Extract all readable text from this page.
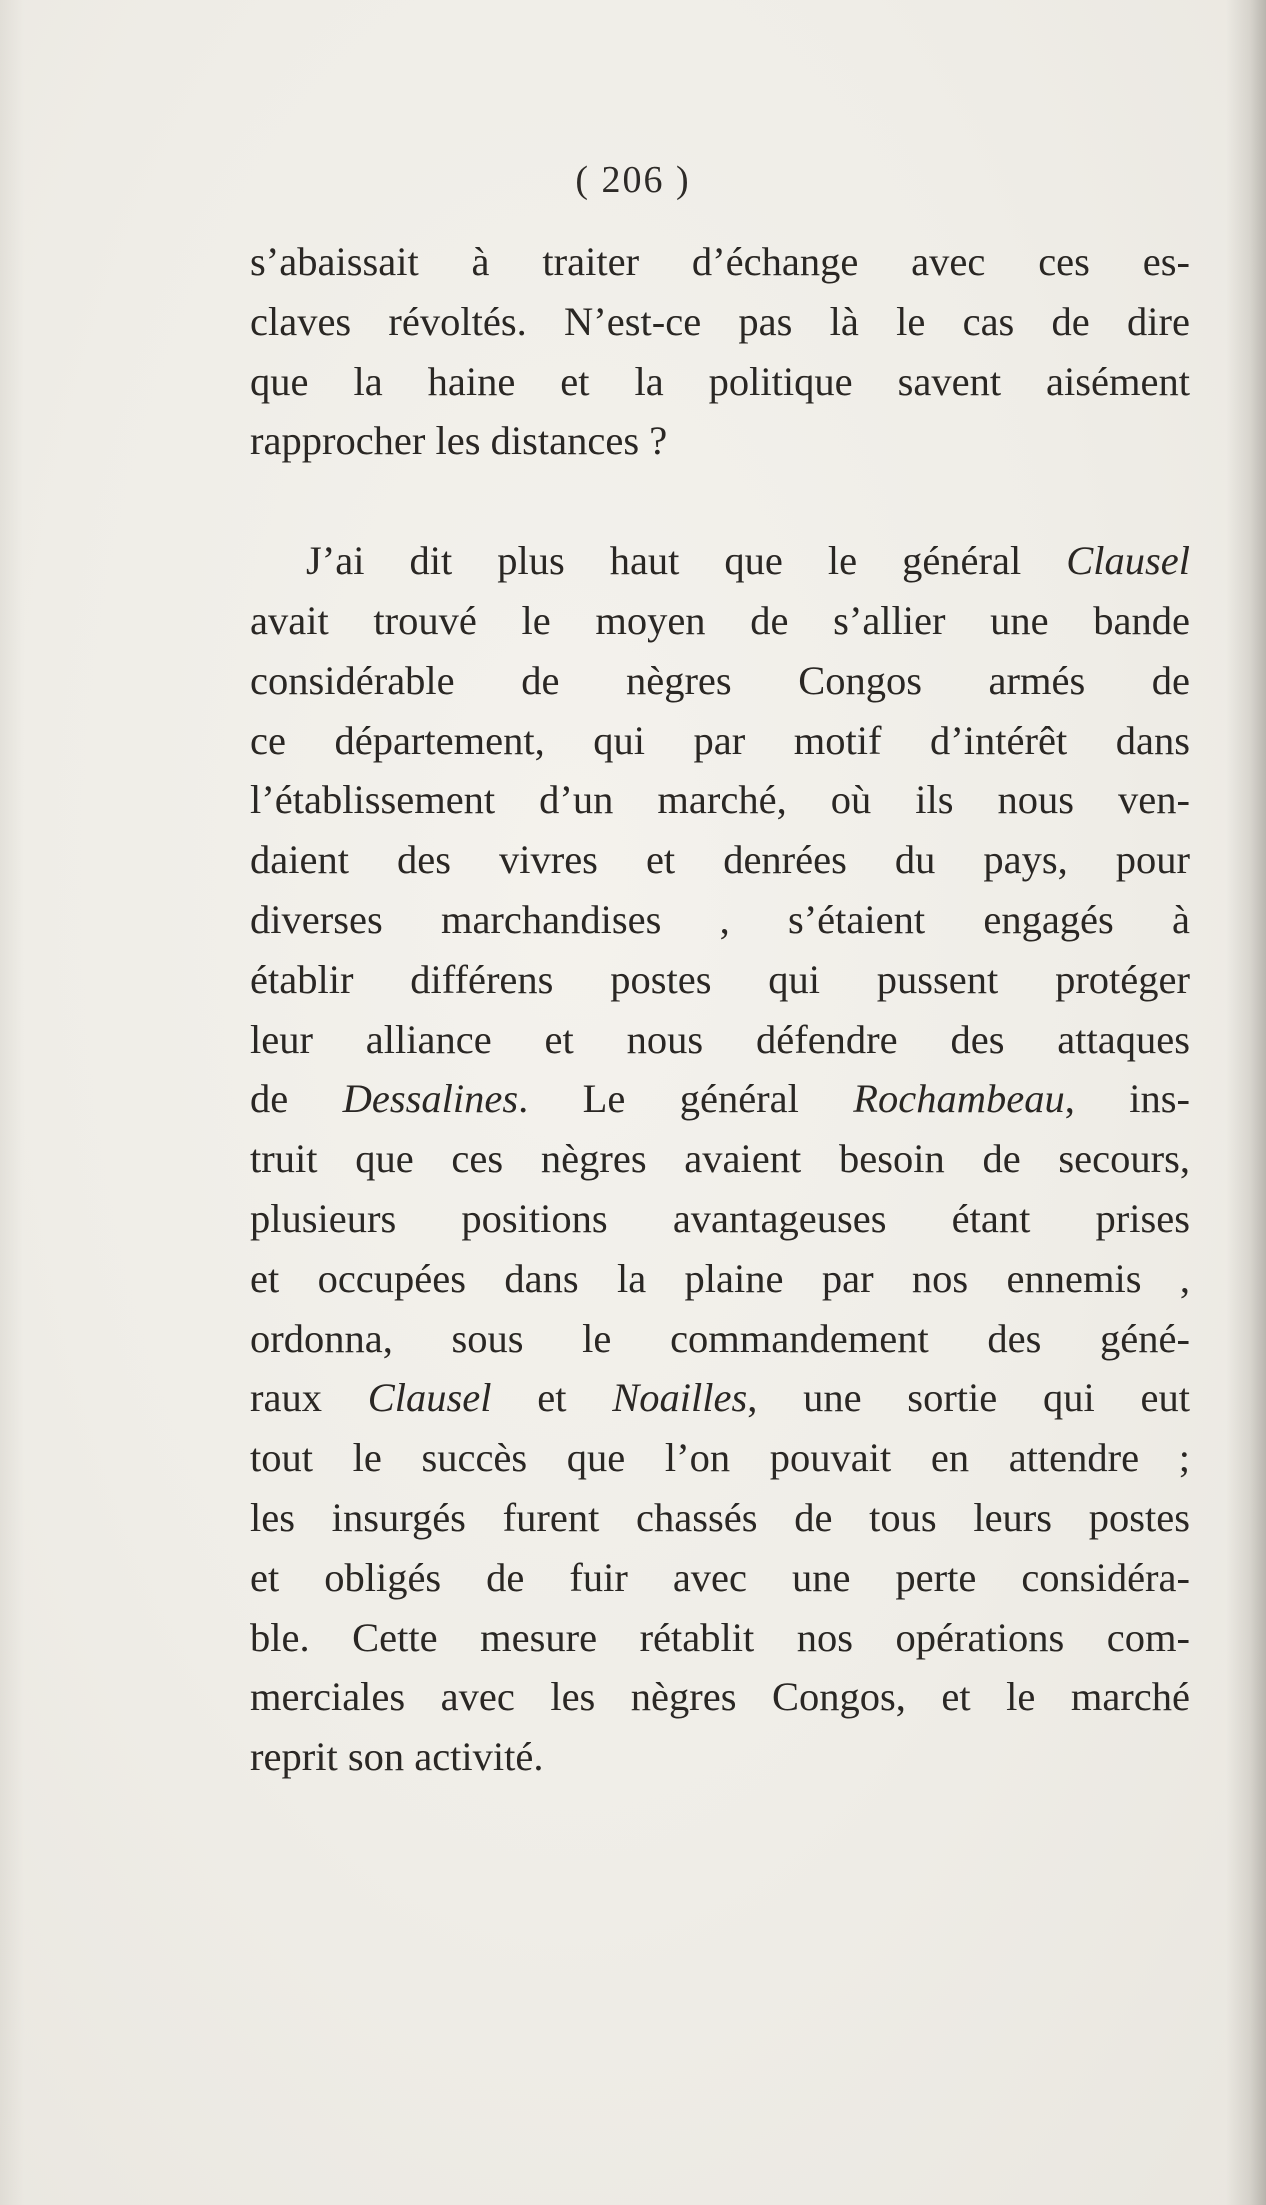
( 206 )

s’abaissait à traiter d’échange avec ces es-
claves révoltés. N’est-ce pas là le cas de dire
que la haine et la politique savent aisément
rapprocher les distances ?

J’ai dit plus haut que le général Clausel
avait trouvé le moyen de s’allier une bande
considérable de nègres Congos armés de
ce département, qui par motif d’intérêt dans
l’établissement d’un marché, où ils nous ven-
daient des vivres et denrées du pays, pour
diverses marchandises , s’étaient engagés à
établir différens postes qui pussent protéger
leur alliance et nous défendre des attaques
de Dessalines. Le général Rochambeau, ins-
truit que ces nègres avaient besoin de secours,
plusieurs positions avantageuses étant prises
et occupées dans la plaine par nos ennemis ,
ordonna, sous le commandement des géné-
raux Clausel et Noailles, une sortie qui eut
tout le succès que l’on pouvait en attendre ;
les insurgés furent chassés de tous leurs postes
et obligés de fuir avec une perte considéra-
ble. Cette mesure rétablit nos opérations com-
merciales avec les nègres Congos, et le marché
reprit son activité.
